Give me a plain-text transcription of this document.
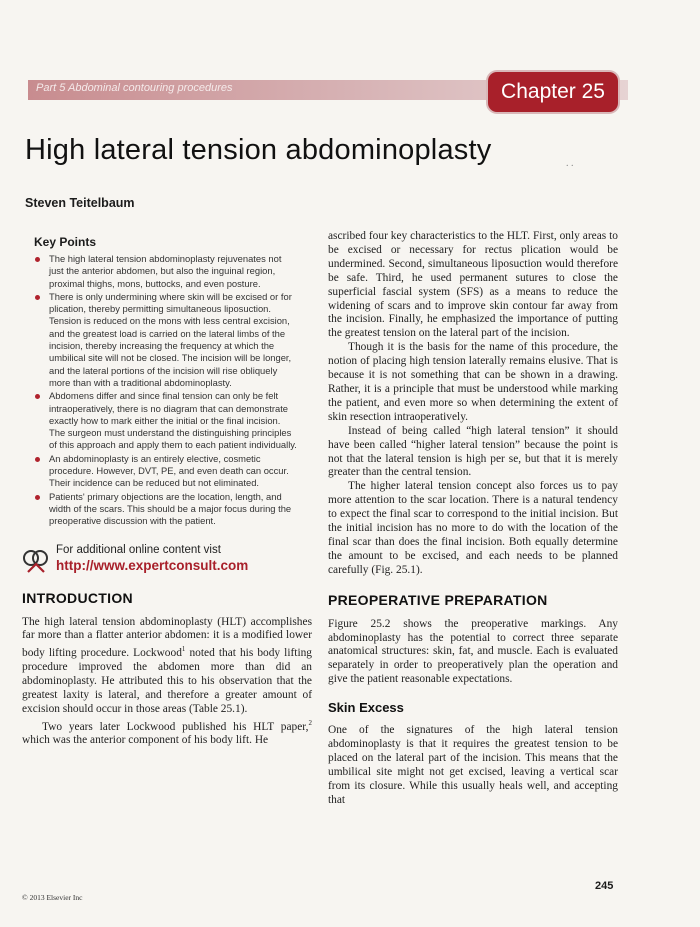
Part 5 Abdominal contouring procedures	Chapter 25
High lateral tension abdominoplasty	. .
Steven Teitelbaum
Key Points
The high lateral tension abdominoplasty rejuvenates not just the anterior abdomen, but also the inguinal region, proximal thighs, mons, buttocks, and even posture.
There is only undermining where skin will be excised or for plication, thereby permitting simultaneous liposuction. Tension is reduced on the mons with less central excision, and the greatest load is carried on the lateral limbs of the incision, thereby increasing the frequency at which the umbilical site will not be closed. The incision will be longer, and the lateral portions of the incision will rise obliquely more than with a traditional abdominoplasty.
Abdomens differ and since final tension can only be felt intraoperatively, there is no diagram that can demonstrate exactly how to mark either the initial or the final incision. The surgeon must understand the distinguishing principles of this approach and apply them to each patient individually.
An abdominoplasty is an entirely elective, cosmetic procedure. However, DVT, PE, and even death can occur. Their incidence can be reduced but not eliminated.
Patients' primary objections are the location, length, and width of the scars. This should be a major focus during the preoperative discussion with the patient.
For additional online content vist
http://www.expertconsult.com
INTRODUCTION

The high lateral tension abdominoplasty (HLT) accomplishes far more than a flatter anterior abdomen: it is a modified lower body lifting procedure. Lockwood$^1$ noted that his body lifting procedure improved the abdomen more than did an abdominoplasty. He attributed this to his observation that the greatest laxity is lateral, and therefore a greater amount of excision should occur in those areas (Table 25.1).

Two years later Lockwood published his HLT paper,$^2$ which was the anterior component of his body lift. He

ascribed four key characteristics to the HLT. First, only areas to be excised or necessary for rectus plication would be undermined. Second, simultaneous liposuction would therefore be safe. Third, he used permanent sutures to close the superficial fascial system (SFS) as a means to reduce the widening of scars and to improve skin contour far away from the incision. Finally, he emphasized the importance of putting the greatest tension on the lateral part of the incision.

Though it is the basis for the name of this procedure, the notion of placing high tension laterally remains elusive. That is because it is not something that can be shown in a drawing. Rather, it is a principle that must be understood while marking the patient, and even more so when determining the extent of skin resection intraoperatively.

Instead of being called “high lateral tension” it should have been called “higher lateral tension” because the point is not that the lateral tension is high per se, but that it is merely greater than the central tension.

The higher lateral tension concept also forces us to pay more attention to the scar location. There is a natural tendency to expect the final scar to correspond to the initial incision. But the initial incision has no more to do with the location of the final scar than does the final incision. Both equally determine the amount to be excised, and each needs to be planned carefully (Fig. 25.1).

PREOPERATIVE PREPARATION

Figure 25.2 shows the preoperative markings. Any abdominoplasty has the potential to correct three separate anatomical structures: skin, fat, and muscle. Each is evaluated separately in order to preoperatively plan the operation and give the patient reasonable expectations.

Skin Excess

One of the signatures of the high lateral tension abdominoplasty is that it requires the greatest tension to be placed on the lateral part of the incision. This means that the umbilical site might not get excised, leaving a vertical scar from its closure. While this usually heals well, and accepting that

© 2013 Elsevier Inc
245
